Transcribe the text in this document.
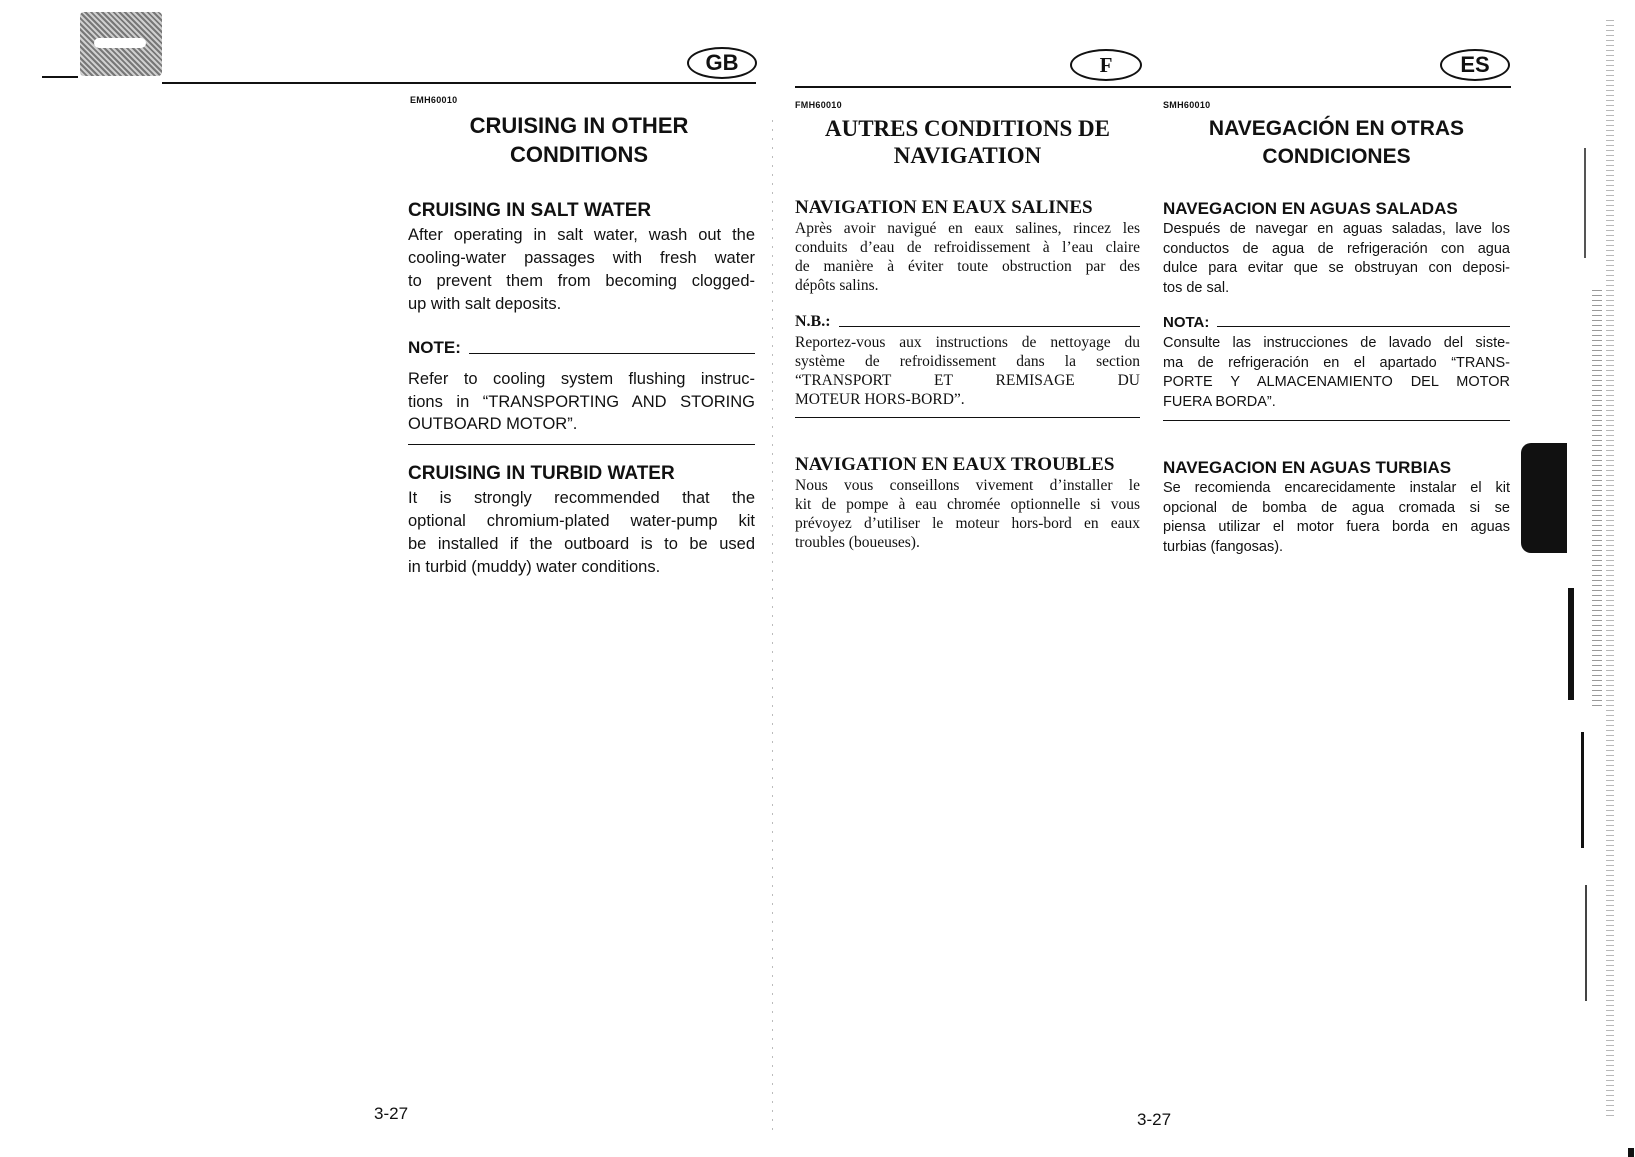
GB	F	ES
EMH60010
CRUISING IN OTHER
CONDITIONS
CRUISING IN SALT WATER
After operating in salt water, wash out the
cooling-water passages with fresh water
to prevent them from becoming clogged-
up with salt deposits.
NOTE:
Refer to cooling system flushing instruc-
tions in “TRANSPORTING AND STORING
OUTBOARD MOTOR”.
CRUISING IN TURBID WATER
It is strongly recommended that the
optional chromium-plated water-pump kit
be installed if the outboard is to be used
in turbid (muddy) water conditions.
FMH60010
AUTRES CONDITIONS DE
NAVIGATION
NAVIGATION EN EAUX SALINES
Après avoir navigué en eaux salines, rincez les
conduits d’eau de refroidissement à l’eau claire
de manière à éviter toute obstruction par des
dépôts salins.
N.B.:
Reportez-vous aux instructions de nettoyage du
système de refroidissement dans la section
“TRANSPORT ET REMISAGE DU
MOTEUR HORS-BORD”.
NAVIGATION EN EAUX TROUBLES
Nous vous conseillons vivement d’installer le
kit de pompe à eau chromée optionnelle si vous
prévoyez d’utiliser le moteur hors-bord en eaux
troubles (boueuses).
SMH60010
NAVEGACIÓN EN OTRAS
CONDICIONES
NAVEGACION EN AGUAS SALADAS
Después de navegar en aguas saladas, lave los
conductos de agua de refrigeración con agua
dulce para evitar que se obstruyan con deposi-
tos de sal.
NOTA:
Consulte las instrucciones de lavado del siste-
ma de refrigeración en el apartado “TRANS-
PORTE Y ALMACENAMIENTO DEL MOTOR
FUERA BORDA”.
NAVEGACION EN AGUAS TURBIAS
Se recomienda encarecidamente instalar el kit
opcional de bomba de agua cromada si se
piensa utilizar el motor fuera borda en aguas
turbias (fangosas).
3-27	3-27
